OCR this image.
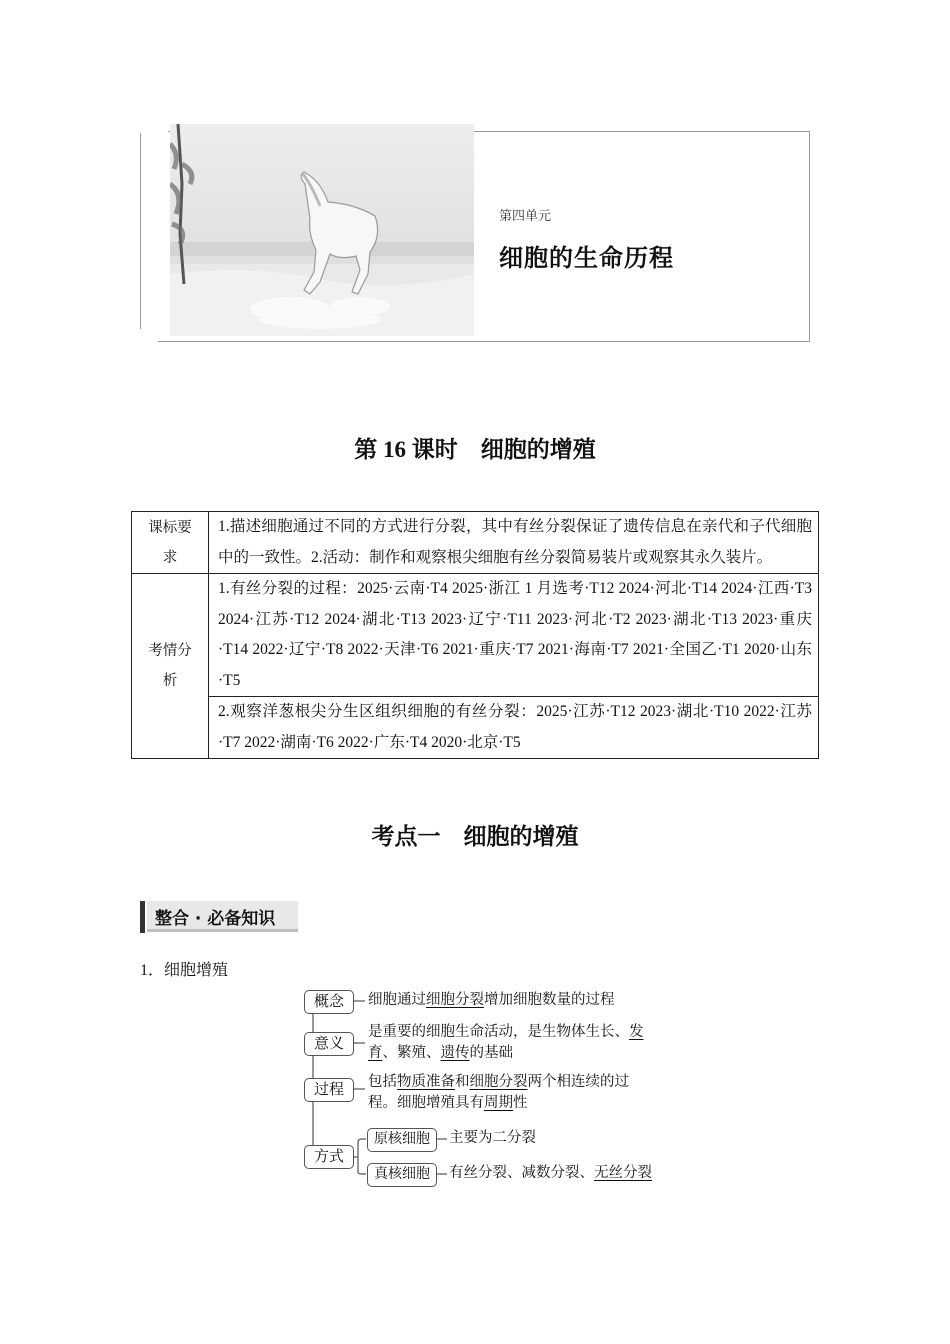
第四单元
细胞的生命历程
第 16 课时    细胞的增殖
课标要求	1.描述细胞通过不同的方式进行分裂，其中有丝分裂保证了遗传信息在亲代和子代细胞中的一致性。2.活动：制作和观察根尖细胞有丝分裂简易装片或观察其永久装片。
考情分析	1.有丝分裂的过程：2025·云南·T4 2025·浙江 1 月选考·T12 2024·河北·T14 2024·江西·T3 2024·江苏·T12 2024·湖北·T13 2023·辽宁·T11 2023·河北·T2 2023·湖北·T13 2023·重庆·T14 2022·辽宁·T8 2022·天津·T6 2021·重庆·T7 2021·海南·T7 2021·全国乙·T1 2020·山东·T5
	2.观察洋葱根尖分生区组织细胞的有丝分裂：2025·江苏·T12 2023·湖北·T10 2022·江苏·T7 2022·湖南·T6 2022·广东·T4 2020·北京·T5
考点一    细胞的增殖
整合 · 必备知识
1．细胞增殖
概念
意义
过程
方式
原核细胞
真核细胞
细胞通过细胞分裂增加细胞数量的过程
是重要的细胞生命活动，是生物体生长、发
育、繁殖、遗传的基础
包括物质准备和细胞分裂两个相连续的过
程。细胞增殖具有周期性
主要为二分裂
有丝分裂、减数分裂、无丝分裂
